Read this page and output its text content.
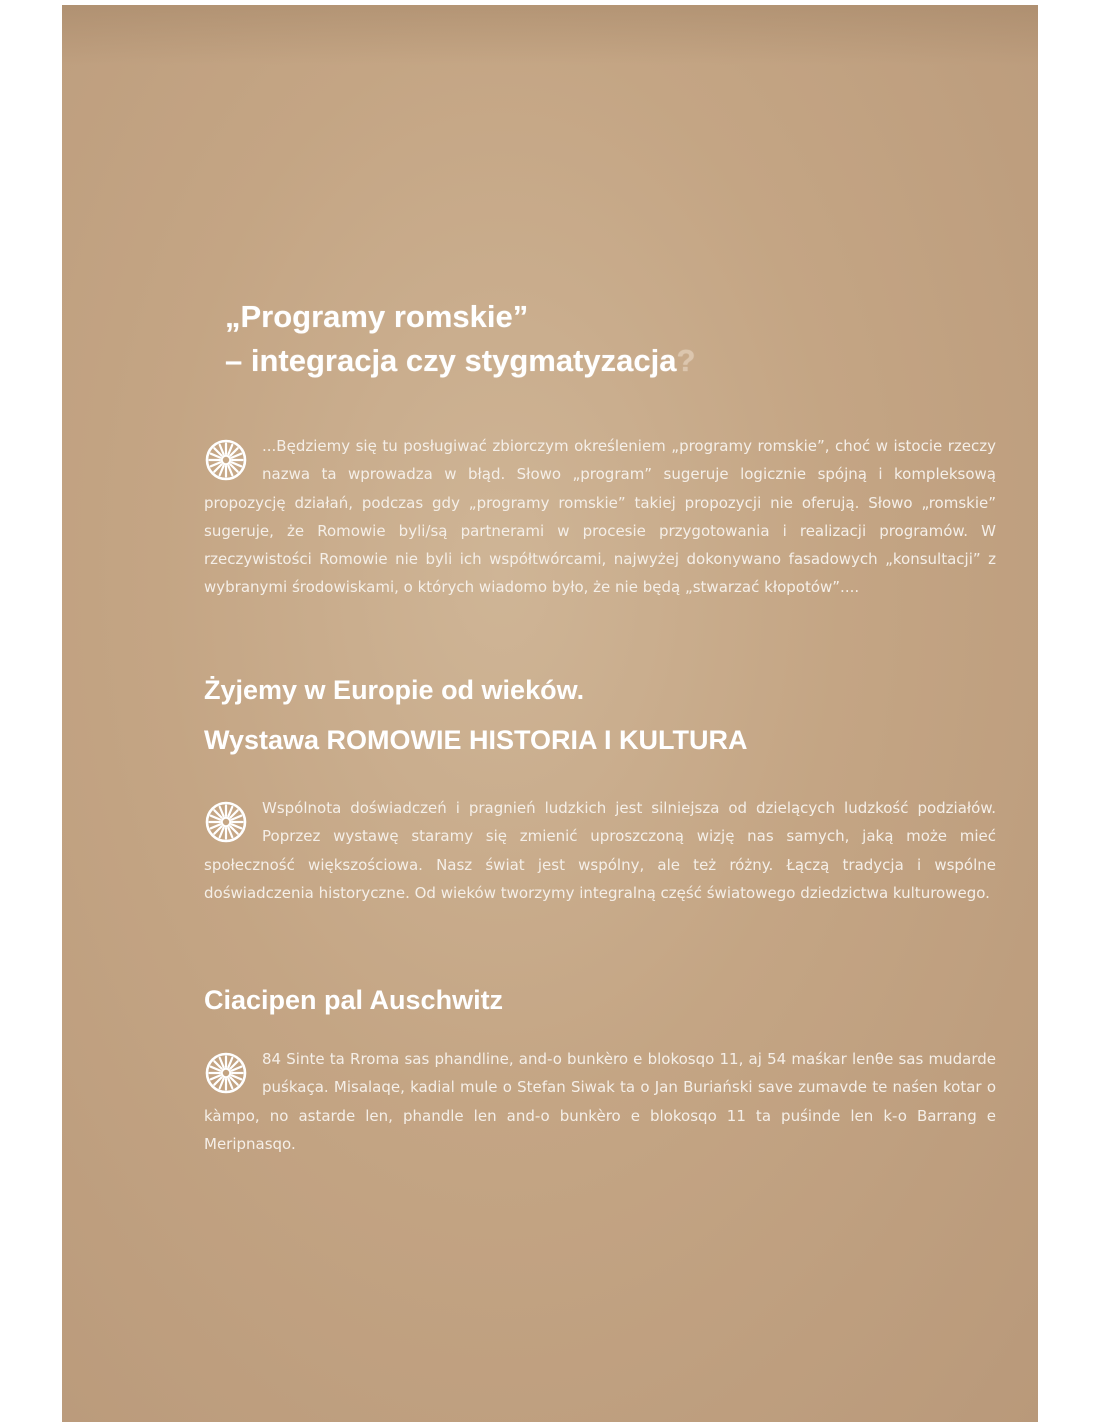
„Programy romskie”
– integracja czy stygmatyzacja?

...Będziemy się tu posługiwać zbiorczym określeniem „programy romskie”, choć w istocie rzeczy nazwa ta wprowadza w błąd. Słowo „program” sugeruje logicznie spójną i kompleksową propozycję działań, podczas gdy „programy romskie” takiej propozycji nie oferują. Słowo „romskie” sugeruje, że Romowie byli/są partnerami w procesie przygotowania i realizacji programów. W rzeczywistości Romowie nie byli ich współtwórcami, najwyżej dokonywano fasadowych „konsultacji” z wybranymi środowiskami, o których wiadomo było, że nie będą „stwarzać kłopotów”....

Żyjemy w Europie od wieków.
Wystawa ROMOWIE HISTORIA I KULTURA

Wspólnota doświadczeń i pragnień ludzkich jest silniejsza od dzielących ludzkość podziałów. Poprzez wystawę staramy się zmienić uproszczoną wizję nas samych, jaką może mieć społeczność większościowa. Nasz świat jest wspólny, ale też różny. Łączą tradycja i wspólne doświadczenia historyczne. Od wieków tworzymy integralną część światowego dziedzictwa kulturowego.

Ciacipen pal Auschwitz

84 Sinte ta Rroma sas phandline, and-o bunkèro e blokosqo 11, aj 54 maśkar lenθe sas mudarde puśkaça. Misalaqe, kadial mule o Stefan Siwak ta o Jan Buriański save zumavde te naśen kotar o kàmpo, no astarde len, phandle len and-o bunkèro e blokosqo 11 ta puśinde len k-o Barrang e Meripnasqo.
